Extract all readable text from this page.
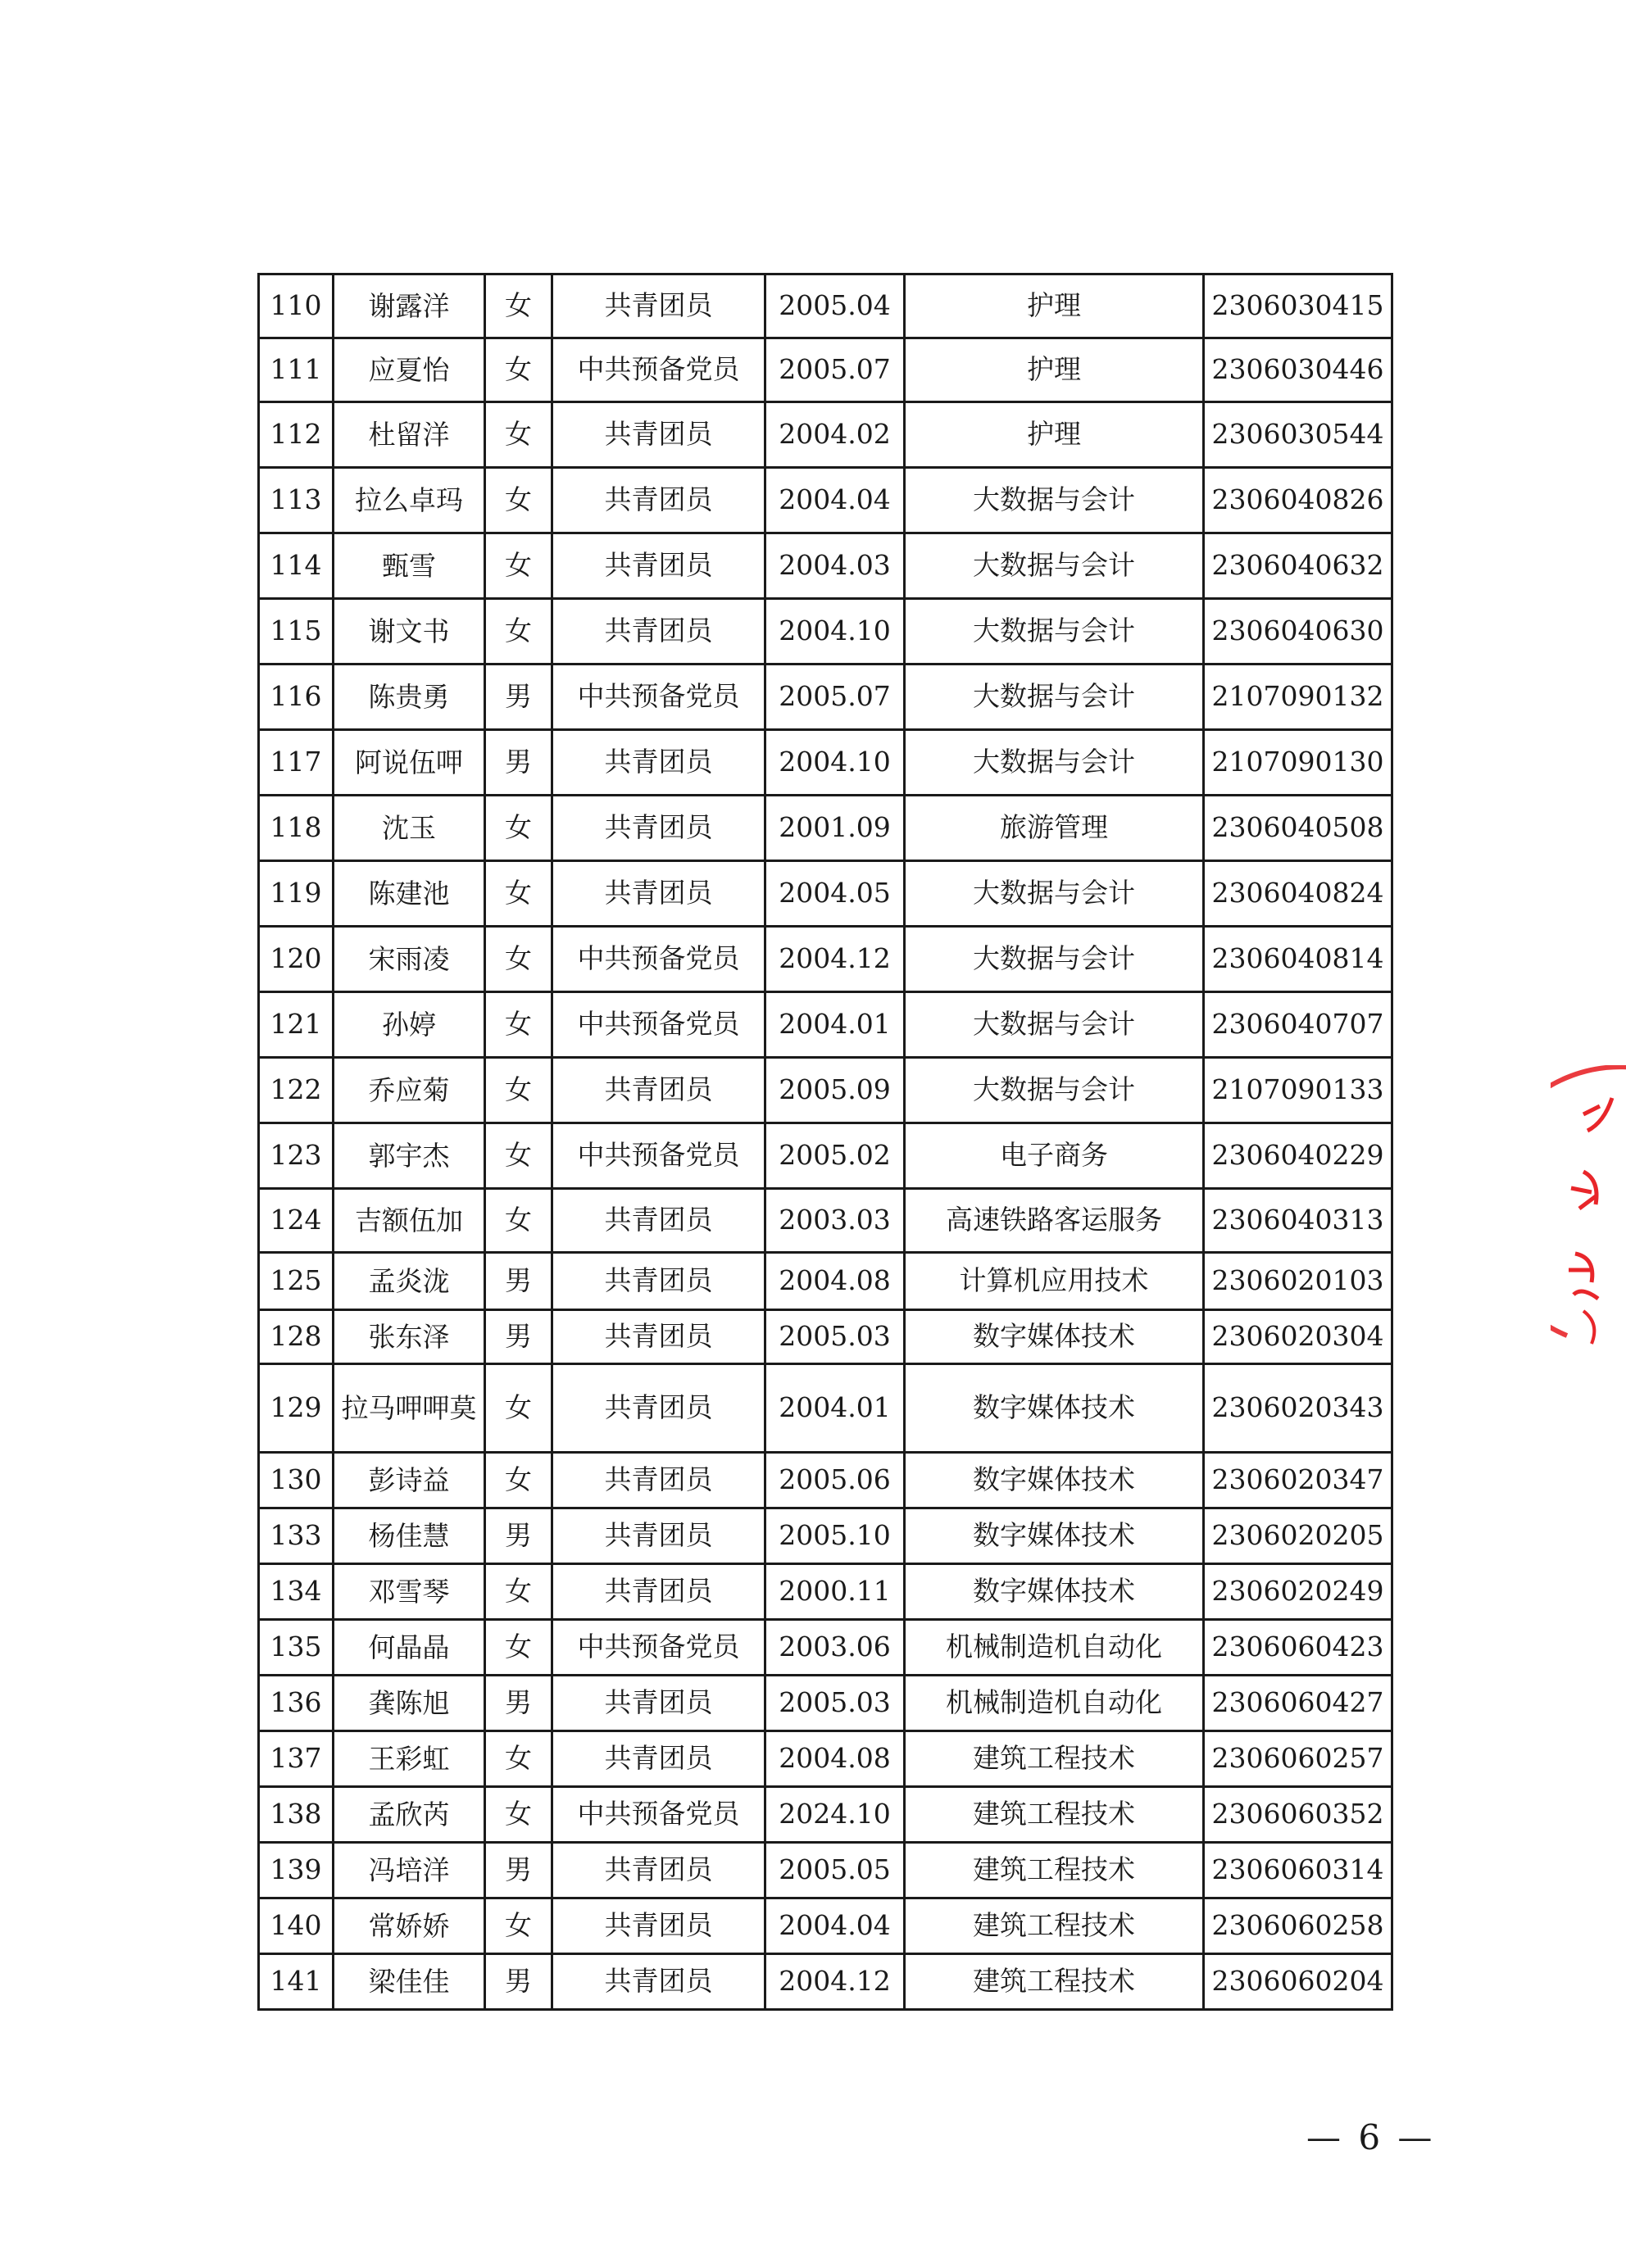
110	谢露洋	女	共青团员	2005.04	护理	2306030415
111	应夏怡	女	中共预备党员	2005.07	护理	2306030446
112	杜留洋	女	共青团员	2004.02	护理	2306030544
113	拉么卓玛	女	共青团员	2004.04	大数据与会计	2306040826
114	甄雪	女	共青团员	2004.03	大数据与会计	2306040632
115	谢文书	女	共青团员	2004.10	大数据与会计	2306040630
116	陈贵勇	男	中共预备党员	2005.07	大数据与会计	2107090132
117	阿说伍呷	男	共青团员	2004.10	大数据与会计	2107090130
118	沈玉	女	共青团员	2001.09	旅游管理	2306040508
119	陈建池	女	共青团员	2004.05	大数据与会计	2306040824
120	宋雨凌	女	中共预备党员	2004.12	大数据与会计	2306040814
121	孙婷	女	中共预备党员	2004.01	大数据与会计	2306040707
122	乔应菊	女	共青团员	2005.09	大数据与会计	2107090133
123	郭宇杰	女	中共预备党员	2005.02	电子商务	2306040229
124	吉额伍加	女	共青团员	2003.03	高速铁路客运服务	2306040313
125	孟炎泷	男	共青团员	2004.08	计算机应用技术	2306020103
128	张东泽	男	共青团员	2005.03	数字媒体技术	2306020304
129	拉马呷呷莫	女	共青团员	2004.01	数字媒体技术	2306020343
130	彭诗益	女	共青团员	2005.06	数字媒体技术	2306020347
133	杨佳慧	男	共青团员	2005.10	数字媒体技术	2306020205
134	邓雪琴	女	共青团员	2000.11	数字媒体技术	2306020249
135	何晶晶	女	中共预备党员	2003.06	机械制造机自动化	2306060423
136	龚陈旭	男	共青团员	2005.03	机械制造机自动化	2306060427
137	王彩虹	女	共青团员	2004.08	建筑工程技术	2306060257
138	孟欣芮	女	中共预备党员	2024.10	建筑工程技术	2306060352
139	冯培洋	男	共青团员	2005.05	建筑工程技术	2306060314
140	常娇娇	女	共青团员	2004.04	建筑工程技术	2306060258
141	梁佳佳	男	共青团员	2004.12	建筑工程技术	2306060204
— 6 —
